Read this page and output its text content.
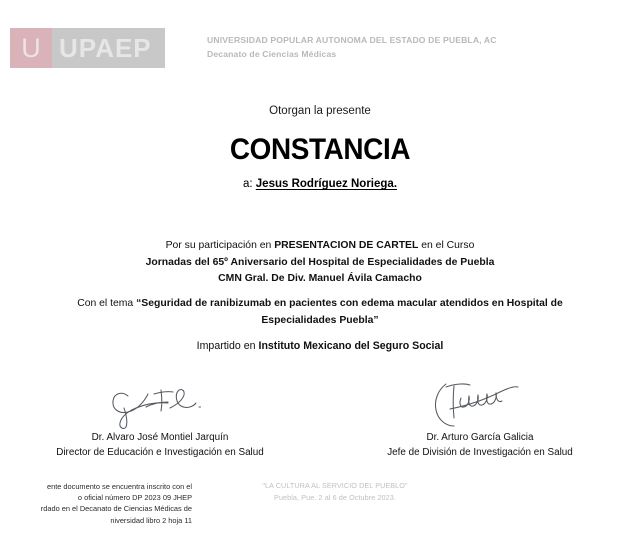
U UPAEP	UNIVERSIDAD POPULAR AUTONOMA DEL ESTADO DE PUEBLA, AC
Decanato de Ciencias Médicas
Otorgan la presente
CONSTANCIA
a: Jesus Rodríguez Noriega.
Por su participación en PRESENTACION DE CARTEL en el Curso
Jornadas del 65º Aniversario del Hospital de Especialidades de Puebla
CMN Gral. De Div. Manuel Ávila Camacho
Con el tema “Seguridad de ranibizumab en pacientes con edema macular atendidos en Hospital de Especialidades Puebla”
Impartido en Instituto Mexicano del Seguro Social
Dr. Alvaro José Montiel Jarquín
Director de Educación e Investigación en Salud
Dr. Arturo García Galicia
Jefe de División de Investigación en Salud
ente documento se encuentra inscrito con el
o oficial número DP 2023 09 JHEP
rdado en el Decanato de Ciencias Médicas de
niversidad libro 2 hoja 11
"LA CULTURA AL SERVICIO DEL PUEBLO"
Puebla, Pue. 2 al 6 de Octubre 2023.
